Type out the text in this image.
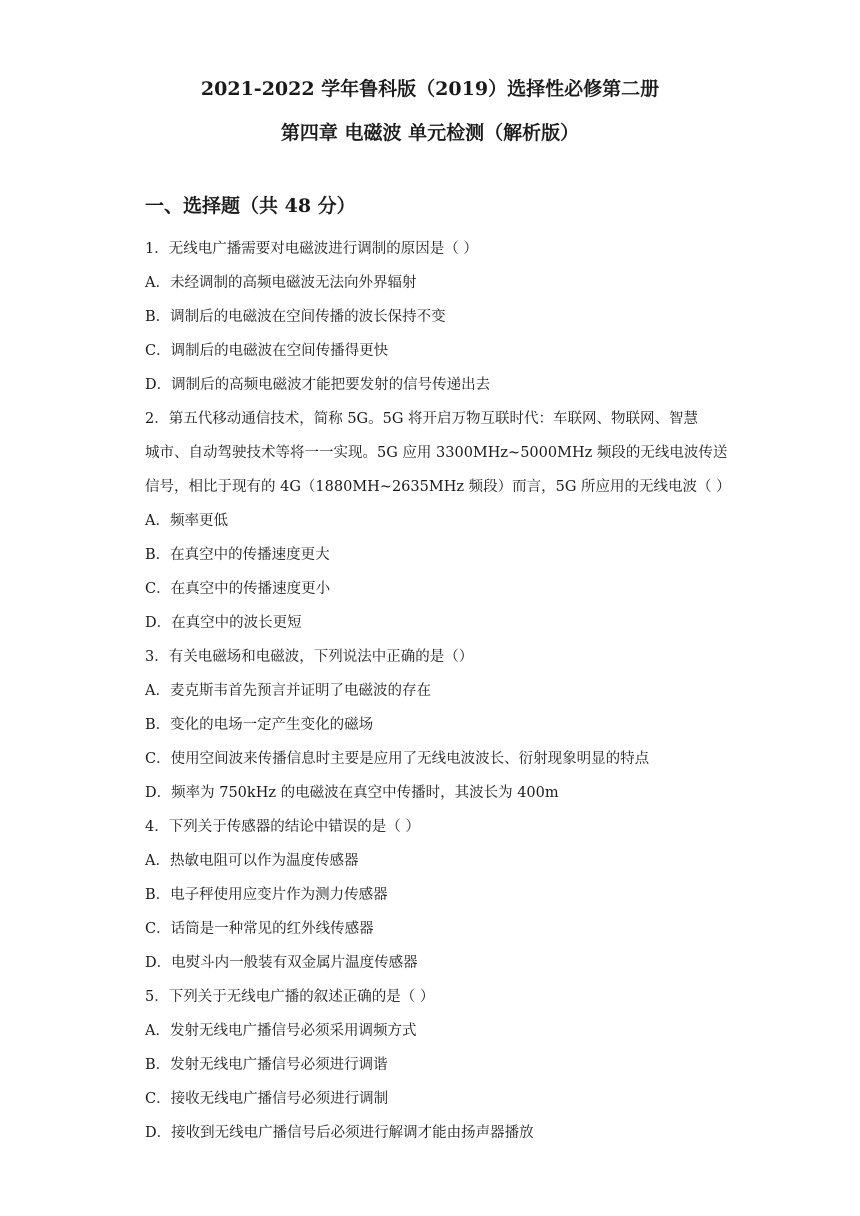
2021-2022 学年鲁科版（2019）选择性必修第二册
第四章 电磁波 单元检测（解析版）
一、选择题（共 48 分）
1．无线电广播需要对电磁波进行调制的原因是（ ）
A．未经调制的高频电磁波无法向外界辐射
B．调制后的电磁波在空间传播的波长保持不变
C．调制后的电磁波在空间传播得更快
D．调制后的高频电磁波才能把要发射的信号传递出去
2．第五代移动通信技术，简称 5G。5G 将开启万物互联时代：车联网、物联网、智慧
城市、自动驾驶技术等将一一实现。5G 应用 3300MHz~5000MHz 频段的无线电波传送
信号，相比于现有的 4G（1880MH~2635MHz 频段）而言，5G 所应用的无线电波（ ）
A．频率更低
B．在真空中的传播速度更大
C．在真空中的传播速度更小
D．在真空中的波长更短
3．有关电磁场和电磁波，下列说法中正确的是（）
A．麦克斯韦首先预言并证明了电磁波的存在
B．变化的电场一定产生变化的磁场
C．使用空间波来传播信息时主要是应用了无线电波波长、衍射现象明显的特点
D．频率为 750kHz 的电磁波在真空中传播时，其波长为 400m
4．下列关于传感器的结论中错误的是（ ）
A．热敏电阻可以作为温度传感器
B．电子秤使用应变片作为测力传感器
C．话筒是一种常见的红外线传感器
D．电熨斗内一般装有双金属片温度传感器
5．下列关于无线电广播的叙述正确的是（ ）
A．发射无线电广播信号必须采用调频方式
B．发射无线电广播信号必须进行调谐
C．接收无线电广播信号必须进行调制
D．接收到无线电广播信号后必须进行解调才能由扬声器播放
